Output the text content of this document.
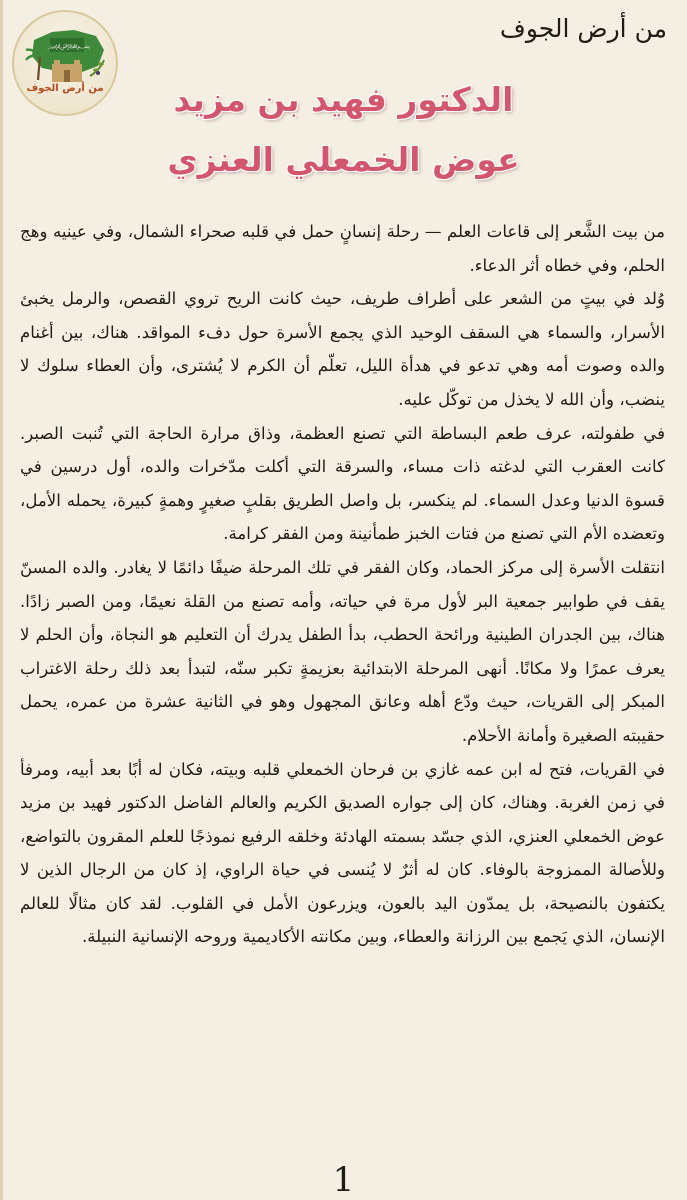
﷽
من أرض الجوف
من أرض الجوف
الدكتور فهيد بن مزيد
عوض الخمعلي العنزي

من بيت الشَّعر إلى قاعات العلم — رحلة إنسانٍ حمل في قلبه صحراء الشمال، وفي عينيه وهج الحلم، وفي خطاه أثر الدعاء.

وُلد في بيتٍ من الشعر على أطراف طريف، حيث كانت الريح تروي القصص، والرمل يخبئ الأسرار، والسماء هي السقف الوحيد الذي يجمع الأسرة حول دفء المواقد. هناك، بين أغنام والده وصوت أمه وهي تدعو في هدأة الليل، تعلّم أن الكرم لا يُشترى، وأن العطاء سلوك لا ينضب، وأن الله لا يخذل من توكّل عليه.

في طفولته، عرف طعم البساطة التي تصنع العظمة، وذاق مرارة الحاجة التي تُنبت الصبر. كانت العقرب التي لدغته ذات مساء، والسرقة التي أكلت مدّخرات والده، أول درسين في قسوة الدنيا وعدل السماء. لم ينكسر، بل واصل الطريق بقلبٍ صغيرٍ وهمةٍ كبيرة، يحمله الأمل، وتعضده الأم التي تصنع من فتات الخبز طمأنينة ومن الفقر كرامة.

انتقلت الأسرة إلى مركز الحماد، وكان الفقر في تلك المرحلة ضيفًا دائمًا لا يغادر. والده المسنّ يقف في طوابير جمعية البر لأول مرة في حياته، وأمه تصنع من القلة نعيمًا، ومن الصبر زادًا. هناك، بين الجدران الطينية ورائحة الحطب، بدأ الطفل يدرك أن التعليم هو النجاة، وأن الحلم لا يعرف عمرًا ولا مكانًا. أنهى المرحلة الابتدائية بعزيمةٍ تكبر سنّه، لتبدأ بعد ذلك رحلة الاغتراب المبكر إلى القريات، حيث ودّع أهله وعانق المجهول وهو في الثانية عشرة من عمره، يحمل حقيبته الصغيرة وأمانة الأحلام.

في القريات، فتح له ابن عمه غازي بن فرحان الخمعلي قلبه وبيته، فكان له أبًا بعد أبيه، ومرفأ في زمن الغربة. وهناك، كان إلى جواره الصديق الكريم والعالم الفاضل الدكتور فهيد بن مزيد عوض الخمعلي العنزي، الذي جسّد بسمته الهادئة وخلقه الرفيع نموذجًا للعلم المقرون بالتواضع، وللأصالة الممزوجة بالوفاء. كان له أثرٌ لا يُنسى في حياة الراوي، إذ كان من الرجال الذين لا يكتفون بالنصيحة، بل يمدّون اليد بالعون، ويزرعون الأمل في القلوب. لقد كان مثالًا للعالم الإنسان، الذي يَجمع بين الرزانة والعطاء، وبين مكانته الأكاديمية وروحه الإنسانية النبيلة.

1
